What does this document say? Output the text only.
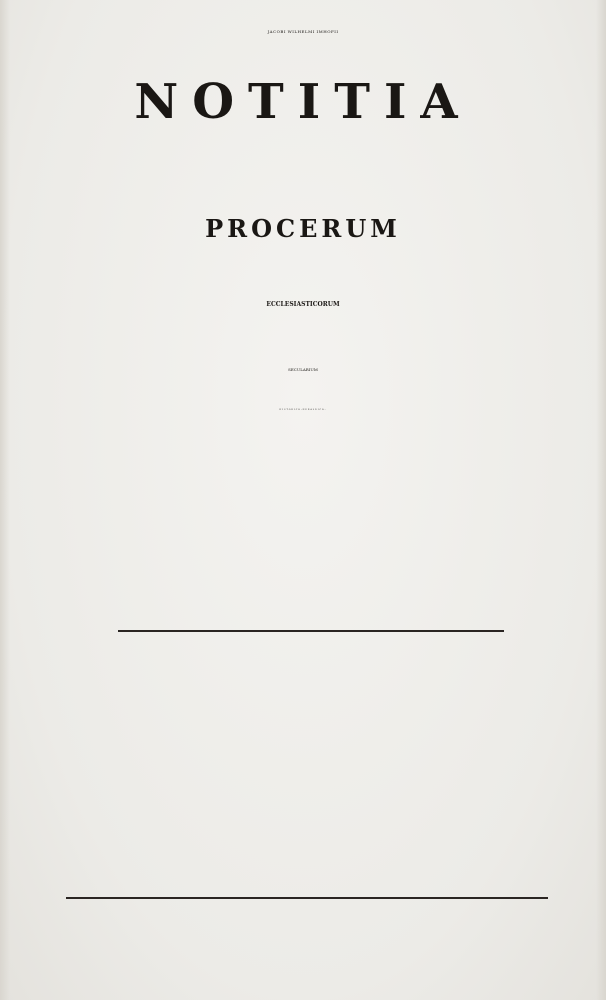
JACOBI WILHELMI IMHOFII
NOTITIA
PROCERUM
ECCLESIASTICORUM
SECULARIUM
HISTORICO-HERALDICO-
